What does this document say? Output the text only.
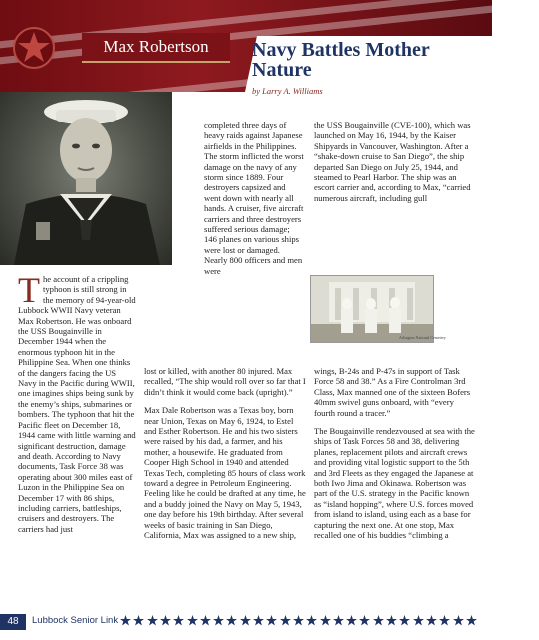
Max Robertson	Navy Battles Mother Nature
by Larry A. Williams
Arlington National Cemetery

The account of a crippling typhoon is still strong in the memory of 94-year-old Lubbock WWII Navy veteran Max Robertson. He was onboard the USS Bougainville in December 1944 when the enormous typhoon hit in the Philippine Sea. When one thinks of the dangers facing the US Navy in the Pacific during WWII, one imagines ships being sunk by the enemy’s ships, submarines or bombers. The typhoon that hit the Pacific fleet on December 18, 1944 came with little warning and significant destruction, damage and death. According to Navy documents, Task Force 38 was operating about 300 miles east of Luzon in the Philippine Sea on December 17 with 86 ships, including carriers, battleships, cruisers and destroyers. The carriers had just

completed three days of heavy raids against Japanese airfields in the Philippines. The storm inflicted the worst damage on the navy of any storm since 1889. Four destroyers capsized and went down with nearly all hands. A cruiser, five aircraft carriers and three destroyers suffered serious damage; 146 planes on various ships were lost or damaged. Nearly 800 officers and men were

lost or killed, with another 80 injured. Max recalled, “The ship would roll over so far that I didn’t think it would come back (upright).”

Max Dale Robertson was a Texas boy, born near Union, Texas on May 6, 1924, to Estel and Esther Robertson. He and his two sisters were raised by his dad, a farmer, and his mother, a housewife. He graduated from Cooper High School in 1940 and attended Texas Tech, completing 85 hours of class work toward a degree in Petroleum Engineering. Feeling like he could be drafted at any time, he and a buddy joined the Navy on May 5, 1943, one day before his 19th birthday. After several weeks of basic training in San Diego, California, Max was assigned to a new ship,

the USS Bougainville (CVE-100), which was launched on May 16, 1944, by the Kaiser Shipyards in Vancouver, Washington. After a “shake-down cruise to San Diego”, the ship departed San Diego on July 25, 1944, and steamed to Pearl Harbor. The ship was an escort carrier and, according to Max, “carried numerous aircraft, including gull

wings, B-24s and P-47s in support of Task Force 58 and 38.” As a Fire Controlman 3rd Class, Max manned one of the sixteen Bofers 40mm swivel guns onboard, with “every fourth round a tracer.”

The Bougainville rendezvoused at sea with the ships of Task Forces 58 and 38, delivering planes, replacement pilots and aircraft crews and providing vital logistic support to the 5th and 3rd Fleets as they engaged the Japanese at both Iwo Jima and Okinawa. Robertson was part of the U.S. strategy in the Pacific known as “island hopping”, where U.S. forces moved from island to island, using each as a base for capturing the next one. At one stop, Max recalled one of his buddies “climbing a

48	Lubbock Senior Link
